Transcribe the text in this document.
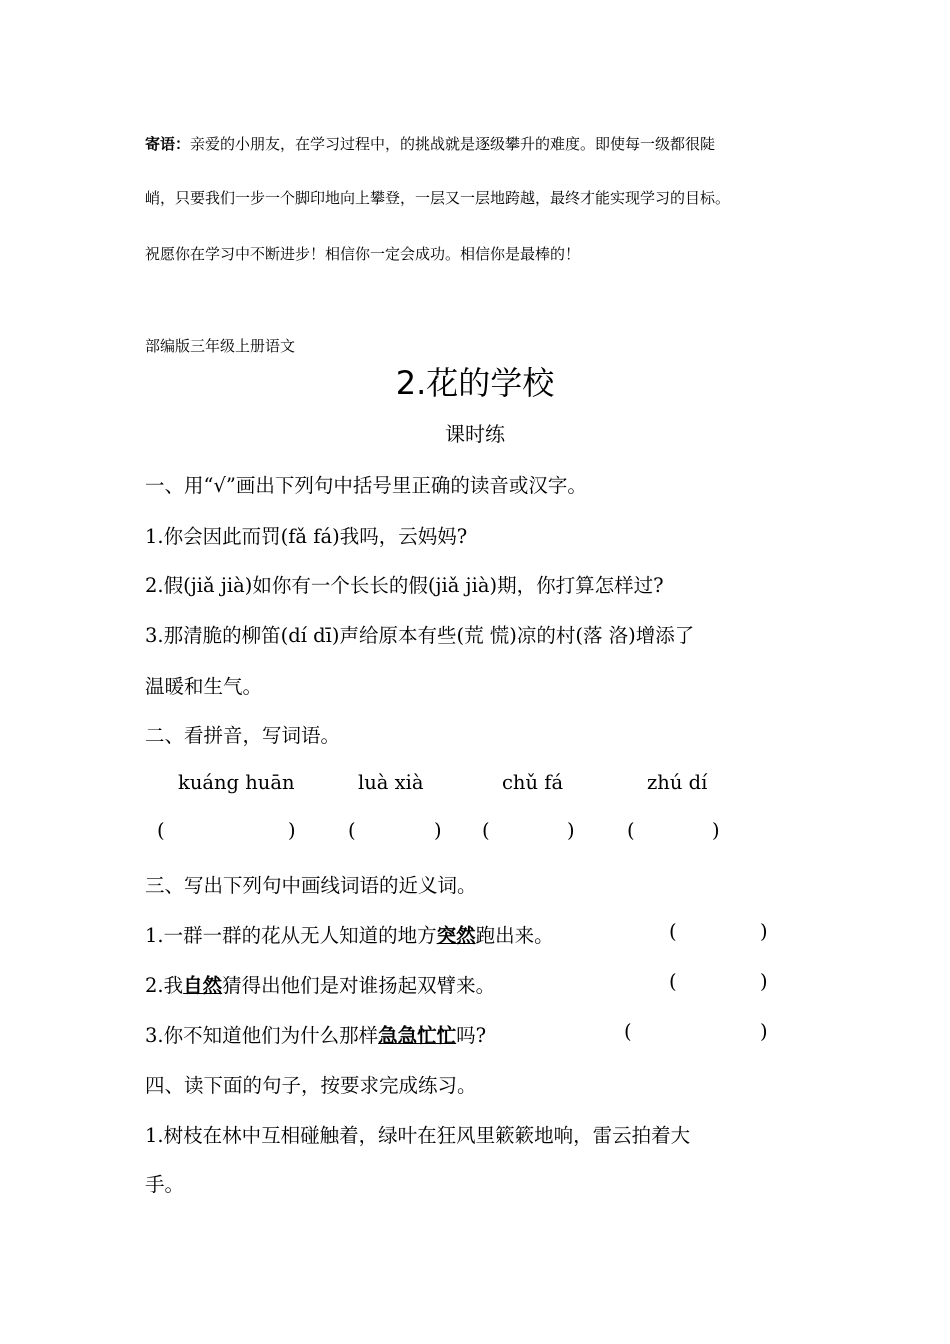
寄语：亲爱的小朋友，在学习过程中，的挑战就是逐级攀升的难度。即使每一级都很陡
峭，只要我们一步一个脚印地向上攀登，一层又一层地跨越，最终才能实现学习的目标。
祝愿你在学习中不断进步！相信你一定会成功。相信你是最棒的！
部编版三年级上册语文
2.花的学校
课时练
一、用“√”画出下列句中括号里正确的读音或汉字。
1.你会因此而罚(fǎ fá)我吗，云妈妈?
2.假(jiǎ jià)如你有一个长长的假(jiǎ jià)期，你打算怎样过?
3.那清脆的柳笛(dí dī)声给原本有些(荒 慌)凉的村(落 洛)增添了
温暖和生气。
二、看拼音，写词语。
kuáng huān	luà xià	chǔ fá	zhú dí
(	)	(	) (	)	(	)
三、写出下列句中画线词语的近义词。
1.一群一群的花从无人知道的地方突然跑出来。	(	)
2.我自然猜得出他们是对谁扬起双臂来。	(	)
3.你不知道他们为什么那样急急忙忙吗?	(	)
四、读下面的句子，按要求完成练习。
1.树枝在林中互相碰触着，绿叶在狂风里簌簌地响，雷云拍着大
手。
